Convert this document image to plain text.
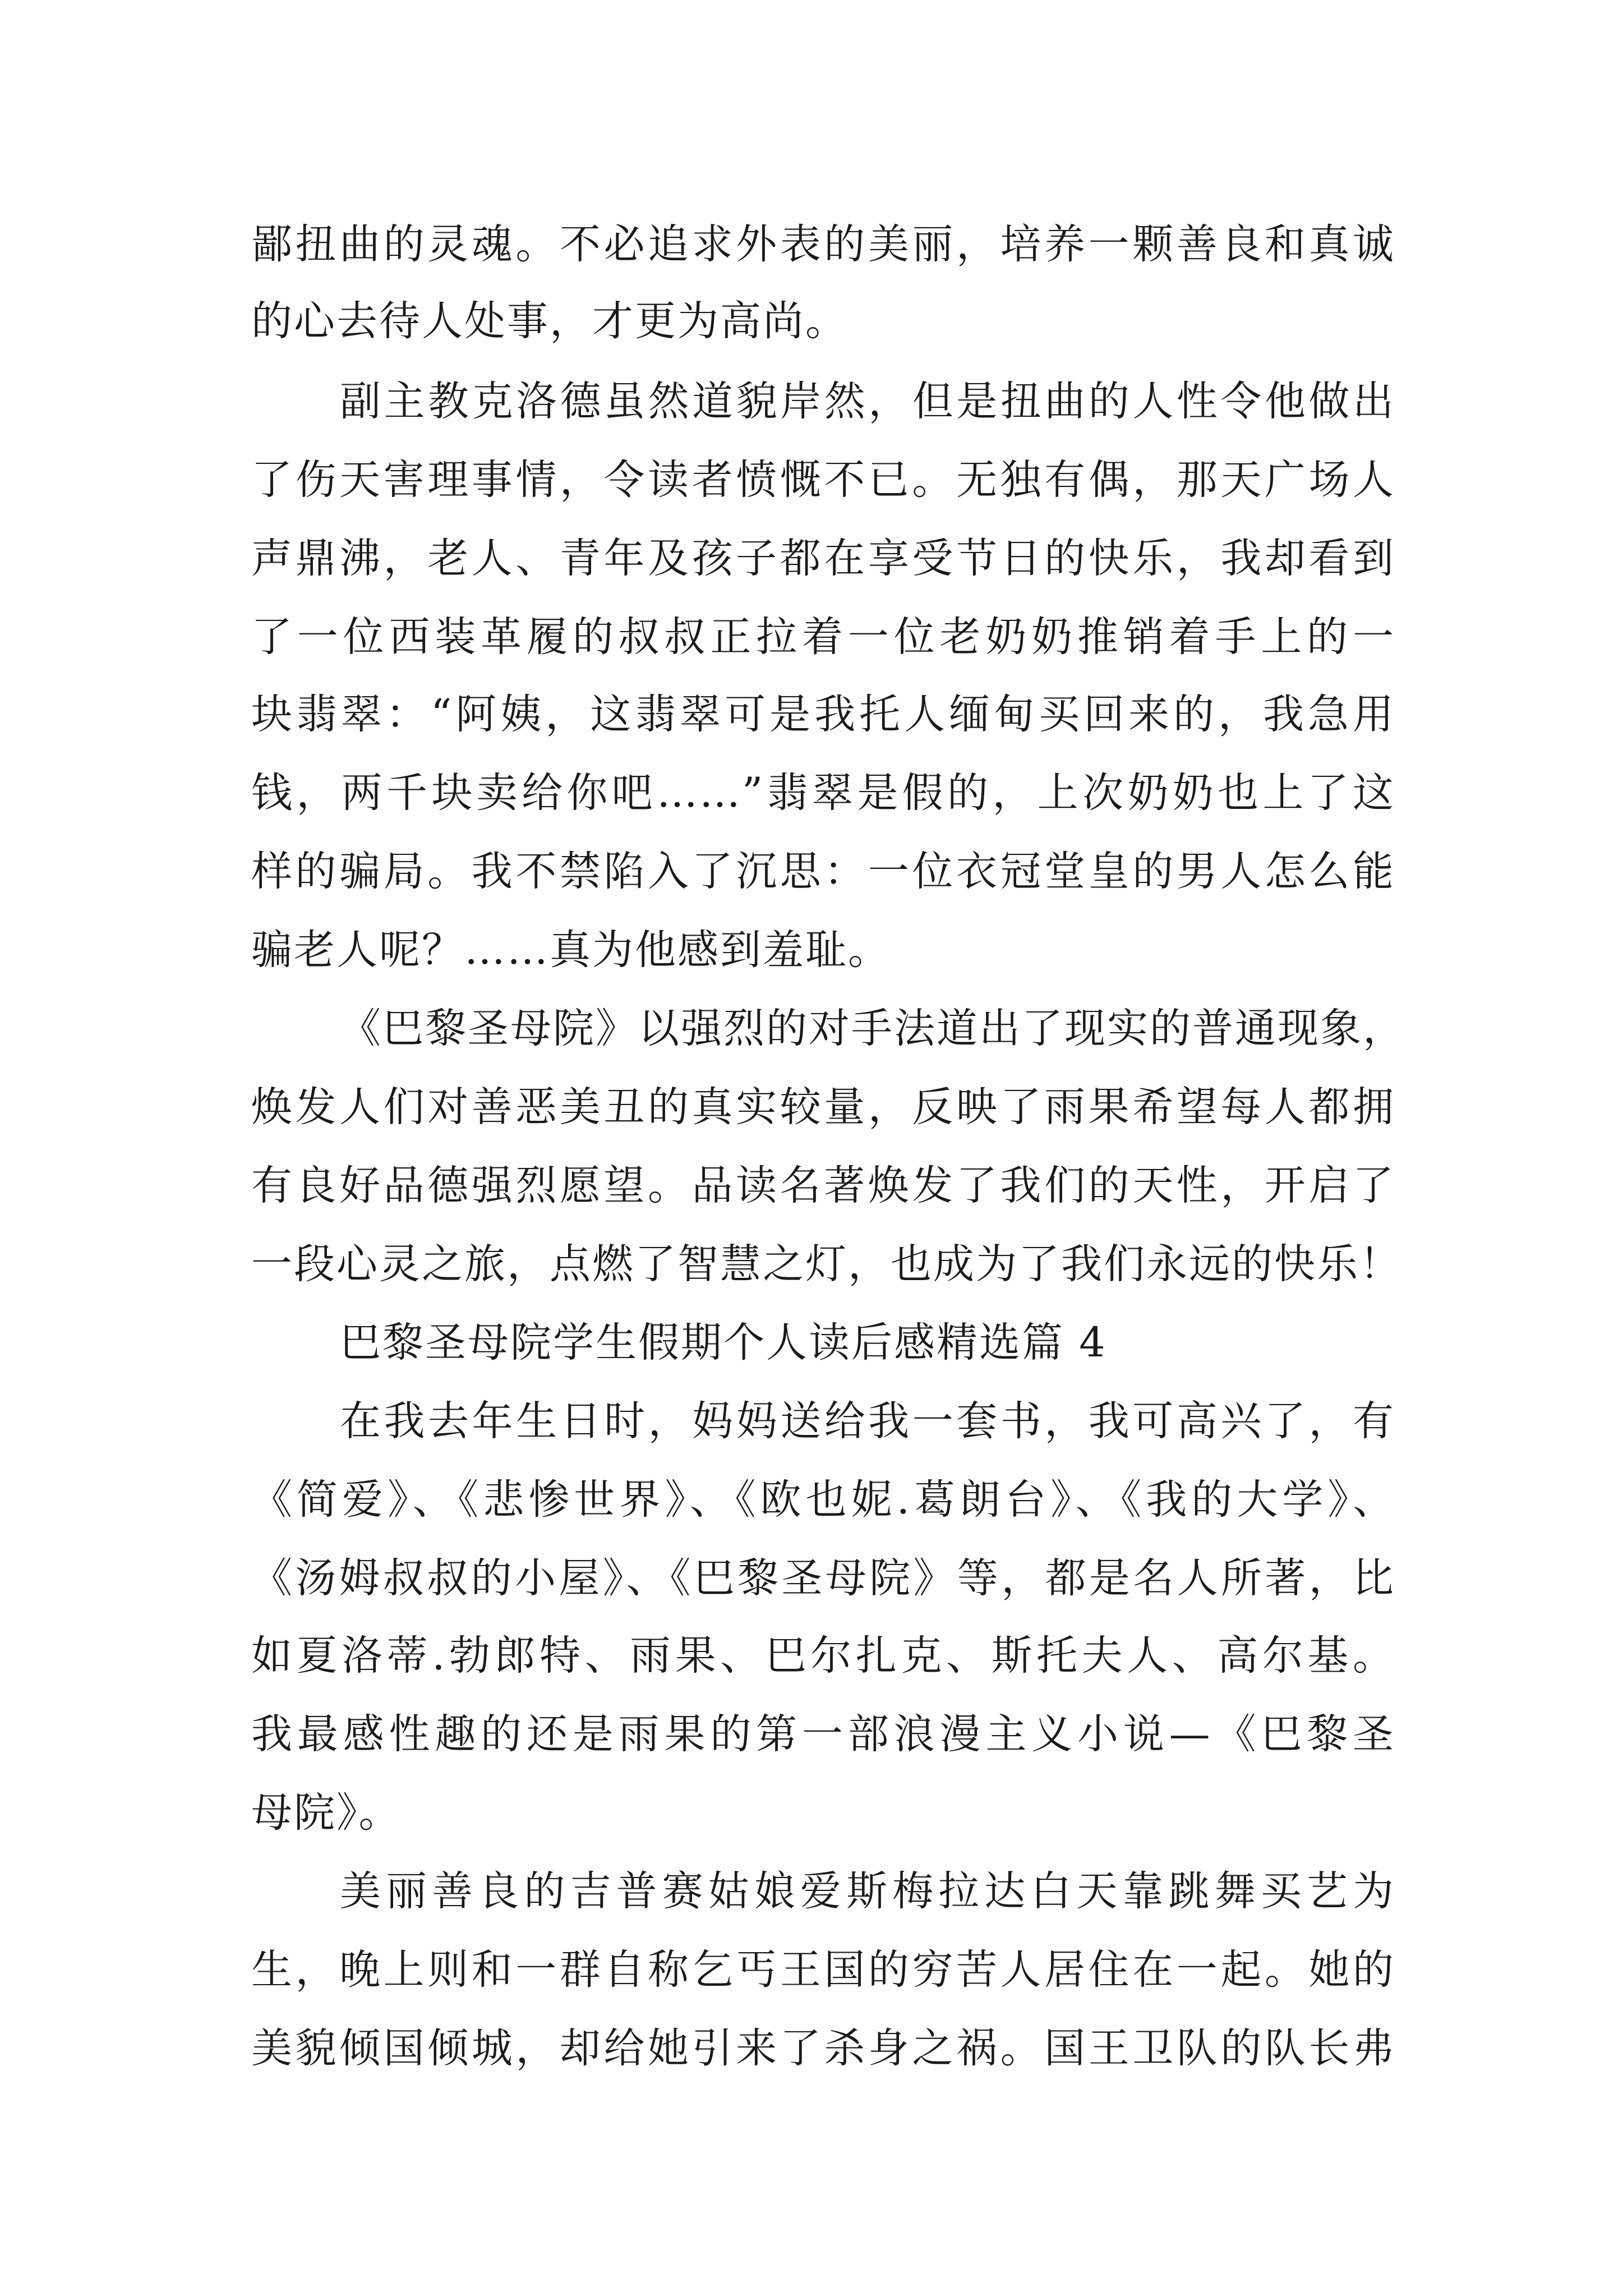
鄙扭曲的灵魂。不必追求外表的美丽，培养一颗善良和真诚
的心去待人处事，才更为高尚。
副主教克洛德虽然道貌岸然，但是扭曲的人性令他做出
了伤天害理事情，令读者愤慨不已。无独有偶，那天广场人
声鼎沸，老人、青年及孩子都在享受节日的快乐，我却看到
了一位西装革履的叔叔正拉着一位老奶奶推销着手上的一
块翡翠：“阿姨，这翡翠可是我托人缅甸买回来的，我急用
钱，两千块卖给你吧……”翡翠是假的，上次奶奶也上了这
样的骗局。我不禁陷入了沉思：一位衣冠堂皇的男人怎么能
骗老人呢？……真为他感到羞耻。
《巴黎圣母院》以强烈的对手法道出了现实的普通现象，
焕发人们对善恶美丑的真实较量，反映了雨果希望每人都拥
有良好品德强烈愿望。品读名著焕发了我们的天性，开启了
一段心灵之旅，点燃了智慧之灯，也成为了我们永远的快乐！
巴黎圣母院学生假期个人读后感精选篇 4
在我去年生日时，妈妈送给我一套书，我可高兴了，有
《简爱》、《悲惨世界》、《欧也妮.葛朗台》、《我的大学》、
《汤姆叔叔的小屋》、《巴黎圣母院》等，都是名人所著，比
如夏洛蒂.勃郎特、雨果、巴尔扎克、斯托夫人、高尔基。
我最感性趣的还是雨果的第一部浪漫主义小说—《巴黎圣
母院》。
美丽善良的吉普赛姑娘爱斯梅拉达白天靠跳舞买艺为
生，晚上则和一群自称乞丐王国的穷苦人居住在一起。她的
美貌倾国倾城，却给她引来了杀身之祸。国王卫队的队长弗
